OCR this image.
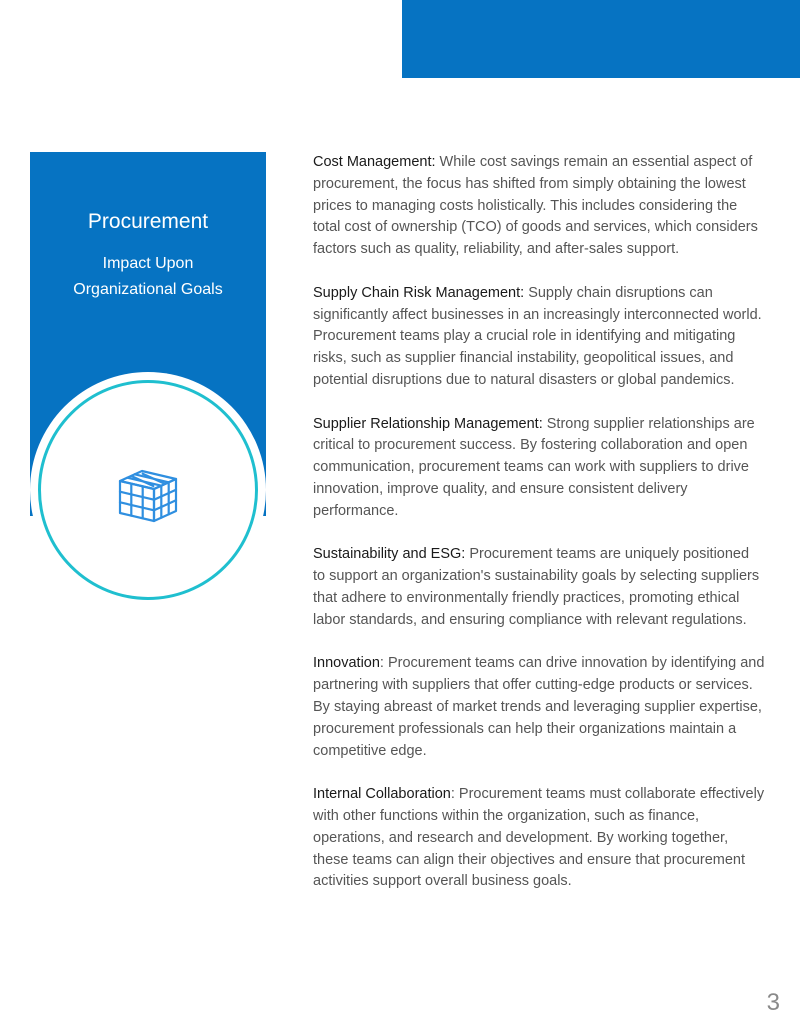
Procurement
Impact Upon
Organizational Goals

Cost Management: While cost savings remain an essential aspect of procurement, the focus has shifted from simply obtaining the lowest prices to managing costs holistically. This includes considering the total cost of ownership (TCO) of goods and services, which considers factors such as quality, reliability, and after-sales support.

Supply Chain Risk Management: Supply chain disruptions can significantly affect businesses in an increasingly interconnected world. Procurement teams play a crucial role in identifying and mitigating risks, such as supplier financial instability, geopolitical issues, and potential disruptions due to natural disasters or global pandemics.

Supplier Relationship Management: Strong supplier relationships are critical to procurement success. By fostering collaboration and open communication, procurement teams can work with suppliers to drive innovation, improve quality, and ensure consistent delivery performance.

Sustainability and ESG: Procurement teams are uniquely positioned to support an organization's sustainability goals by selecting suppliers that adhere to environmentally friendly practices, promoting ethical labor standards, and ensuring compliance with relevant regulations.

Innovation: Procurement teams can drive innovation by identifying and partnering with suppliers that offer cutting-edge products or services. By staying abreast of market trends and leveraging supplier expertise, procurement professionals can help their organizations maintain a competitive edge.

Internal Collaboration: Procurement teams must collaborate effectively with other functions within the organization, such as finance, operations, and research and development. By working together, these teams can align their objectives and ensure that procurement activities support overall business goals.

3
